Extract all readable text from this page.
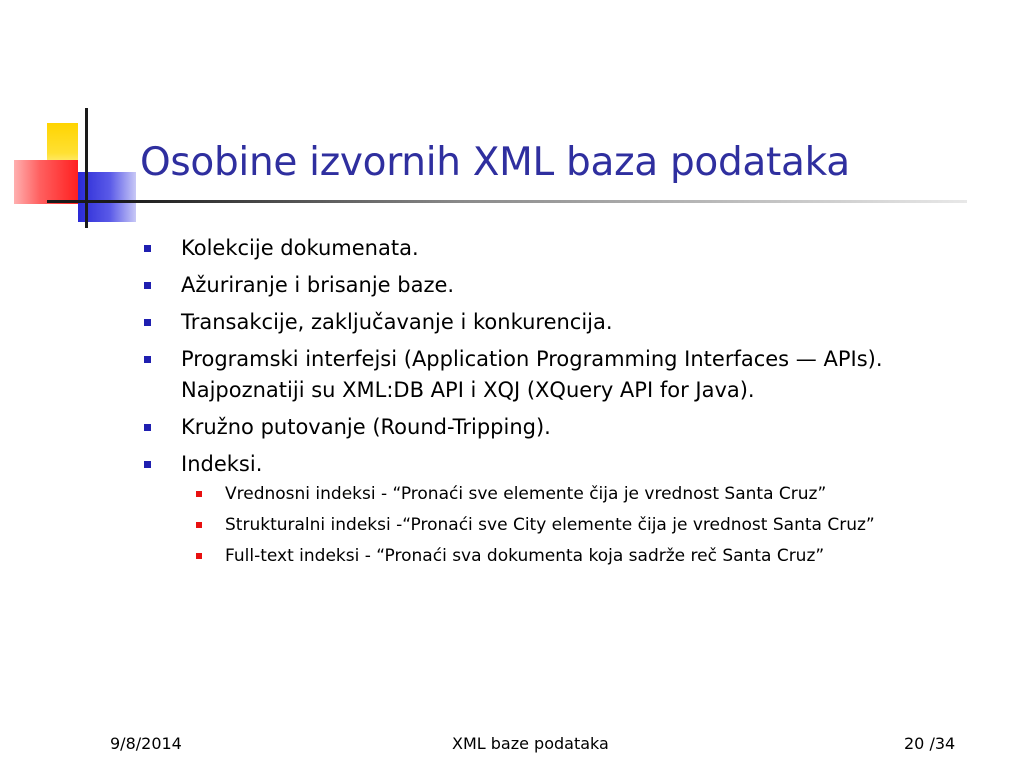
Osobine izvornih XML baza podataka
Kolekcije dokumenata.
Ažuriranje i brisanje baze.
Transakcije, zaključavanje i konkurencija.
Programski interfejsi (Application Programming Interfaces — APIs). Najpoznatiji su XML:DB API i XQJ (XQuery API for Java).
Kružno putovanje (Round-Tripping).
Indeksi.
Vrednosni indeksi - “Pronaći sve elemente čija je vrednost Santa Cruz”
Strukturalni indeksi -“Pronaći sve City elemente čija je vrednost Santa Cruz”
Full-text indeksi - “Pronaći sva dokumenta koja sadrže reč Santa Cruz”
9/8/2014	XML baze podataka	20 /34
